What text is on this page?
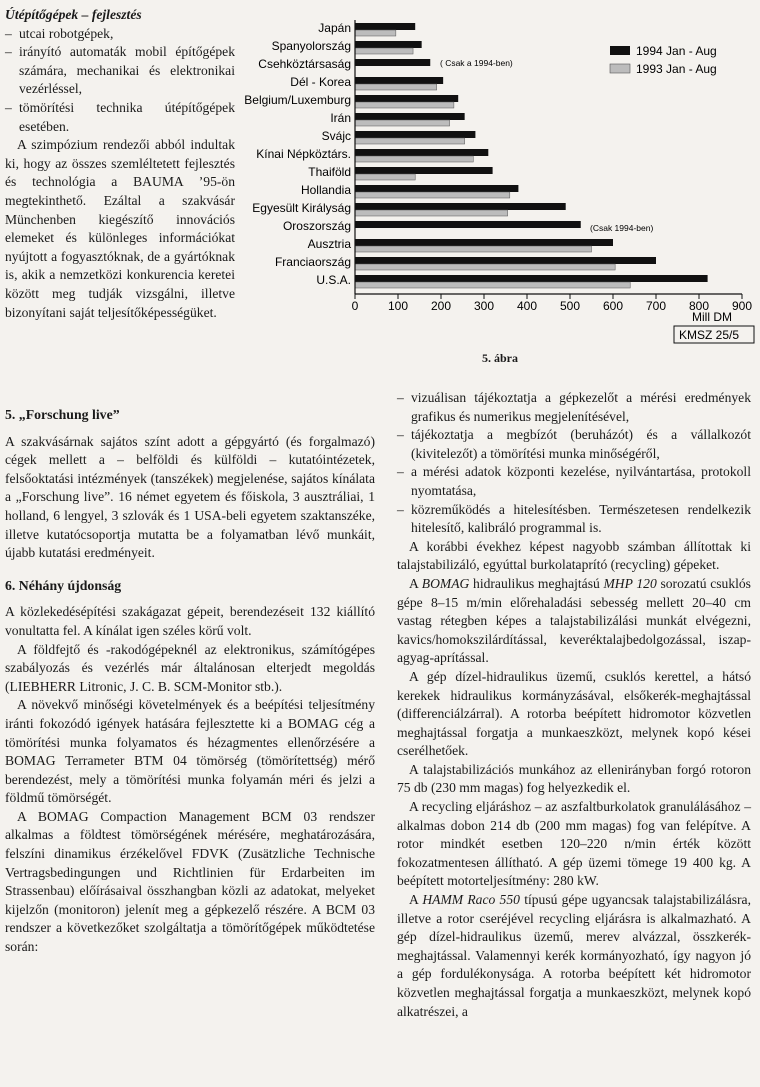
Útépítőgépek – fejlesztés

– utcai robotgépek,
– irányító automaták mobil építőgépek számára, mechanikai és elektronikai vezérléssel,
– tömörítési technika útépítőgépek esetében.

A szimpózium rendezői abból indultak ki, hogy az összes szemléltetett fejlesztés és technológia a BAUMA ’95-ön megtekinthető. Ezáltal a szakvásár Münchenben kiegészítő innovációs elemeket és különleges információkat nyújtott a fogyasztóknak, de a gyártóknak is, akik a nemzetközi konkurencia keretei között meg tudják vizsgálni, illetve bizonyítani saját teljesítőképességüket.

Japán
Spanyolország
Csehköztársaság
Dél - Korea
Belgium/Luxemburg
Irán
Svájc
Kínai Népköztárs.
Thaiföld
Hollandia
Egyesült Királyság
Oroszország
Ausztria
Franciaország
U.S.A.
0 100 200 300 400 500 600 700 800 900
1994 Jan - Aug
1993 Jan - Aug
( Csak a 1994-ben)
(Csak 1994-ben)
Mill DM
KMSZ 25/5
5. ábra
5. „Forschung live”

A szakvásárnak sajátos színt adott a gépgyártó (és forgalmazó) cégek mellett a – belföldi és külföldi – kutatóintézetek, felsőoktatási intézmények (tanszékek) megjelenése, sajátos kínálata a „Forschung live”. 16 német egyetem és főiskola, 3 ausztráliai, 1 holland, 6 lengyel, 3 szlovák és 1 USA-beli egyetem szaktanszéke, illetve kutatócsoportja mutatta be a folyamatban lévő munkáit, újabb kutatási eredményeit.

6. Néhány újdonság

A közlekedésépítési szakágazat gépeit, berendezéseit 132 kiállító vonultatta fel. A kínálat igen széles körű volt.

A földfejtő és -rakodógépeknél az elektronikus, számítógépes szabályozás és vezérlés már általánosan elterjedt megoldás (LIEBHERR Litronic, J. C. B. SCM-Monitor stb.).

A növekvő minőségi követelmények és a beépítési teljesítmény iránti fokozódó igények hatására fejlesztette ki a BOMAG cég a tömörítési munka folyamatos és hézagmentes ellenőrzésére a BOMAG Terrameter BTM 04 tömörség (tömörítettség) mérő berendezést, mely a tömörítési munka folyamán méri és jelzi a földmű tömörségét.

A BOMAG Compaction Management BCM 03 rendszer alkalmas a földtest tömörségének mérésére, meghatározására, felszíni dinamikus érzékelővel FDVK (Zusätzliche Technische Vertragsbedingungen und Richtlinien für Erdarbeiten im Strassenbau) előírásaival összhangban közli az adatokat, melyeket kijelzőn (monitoron) jelenít meg a gépkezelő részére. A BCM 03 rendszer a következőket szolgáltatja a tömörítőgépek működtetése során:

– vizuálisan tájékoztatja a gépkezelőt a mérési eredmények grafikus és numerikus megjelenítésével,
– tájékoztatja a megbízót (beruházót) és a vállalkozót (kivitelezőt) a tömörítési munka minőségéről,
– a mérési adatok központi kezelése, nyilvántartása, protokoll nyomtatása,
– közreműködés a hitelesítésben. Természetesen rendelkezik hitelesítő, kalibráló programmal is.

A korábbi évekhez képest nagyobb számban állítottak ki talajstabilizáló, egyúttal burkolataprító (recycling) gépeket.

A BOMAG hidraulikus meghajtású MHP 120 sorozatú csuklós gépe 8–15 m/min előrehaladási sebesség mellett 20–40 cm vastag rétegben képes a talajstabilizálási munkát elvégezni, kavics/homokszilárdítással, keveréktalajbedolgozással, iszap-agyag-aprítással.

A gép dízel-hidraulikus üzemű, csuklós kerettel, a hátsó kerekek hidraulikus kormányzásával, elsőkerék-meghajtással (differenciálzárral). A rotorba beépített hidromotor közvetlen meghajtással forgatja a munkaeszközt, melynek kopó kései cserélhetőek.

A talajstabilizációs munkához az ellenirányban forgó rotoron 75 db (230 mm magas) fog helyezkedik el.

A recycling eljáráshoz – az aszfaltburkolatok granulálásához – alkalmas dobon 214 db (200 mm magas) fog van felépítve. A rotor mindkét esetben 120–220 n/min érték között fokozatmentesen állítható. A gép üzemi tömege 19 400 kg. A beépített motorteljesítmény: 280 kW.

A HAMM Raco 550 típusú gépe ugyancsak talajstabilizálásra, illetve a rotor cseréjével recycling eljárásra is alkalmazható. A gép dízel-hidraulikus üzemű, merev alvázzal, összkerék-meghajtással. Valamennyi kerék kormányozható, így nagyon jó a gép fordulékonysága. A rotorba beépített két hidromotor közvetlen meghajtással forgatja a munkaeszközt, melynek kopó alkatrészei, a
